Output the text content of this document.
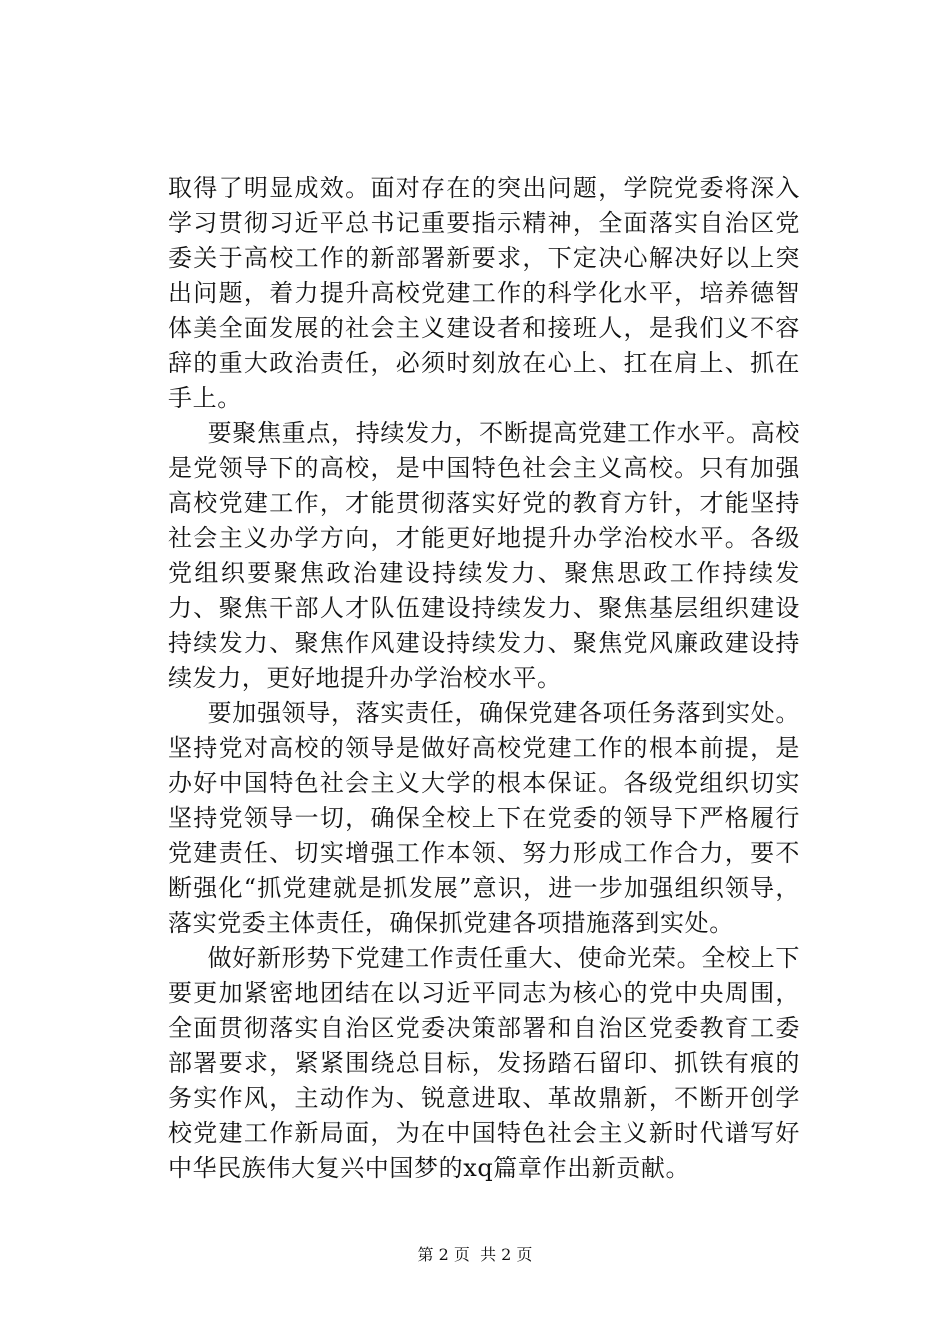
取得了明显成效。面对存在的突出问题，学院党委将深入学习贯彻习近平总书记重要指示精神，全面落实自治区党委关于高校工作的新部署新要求，下定决心解决好以上突出问题，着力提升高校党建工作的科学化水平，培养德智体美全面发展的社会主义建设者和接班人，是我们义不容辞的重大政治责任，必须时刻放在心上、扛在肩上、抓在手上。

要聚焦重点，持续发力，不断提高党建工作水平。高校是党领导下的高校，是中国特色社会主义高校。只有加强高校党建工作，才能贯彻落实好党的教育方针，才能坚持社会主义办学方向，才能更好地提升办学治校水平。各级党组织要聚焦政治建设持续发力、聚焦思政工作持续发力、聚焦干部人才队伍建设持续发力、聚焦基层组织建设持续发力、聚焦作风建设持续发力、聚焦党风廉政建设持续发力，更好地提升办学治校水平。

要加强领导，落实责任，确保党建各项任务落到实处。坚持党对高校的领导是做好高校党建工作的根本前提，是办好中国特色社会主义大学的根本保证。各级党组织切实坚持党领导一切，确保全校上下在党委的领导下严格履行党建责任、切实增强工作本领、努力形成工作合力，要不断强化“抓党建就是抓发展”意识，进一步加强组织领导，落实党委主体责任，确保抓党建各项措施落到实处。

做好新形势下党建工作责任重大、使命光荣。全校上下要更加紧密地团结在以习近平同志为核心的党中央周围，全面贯彻落实自治区党委决策部署和自治区党委教育工委部署要求，紧紧围绕总目标，发扬踏石留印、抓铁有痕的务实作风，主动作为、锐意进取、革故鼎新，不断开创学校党建工作新局面，为在中国特色社会主义新时代谱写好中华民族伟大复兴中国梦的xq篇章作出新贡献。

第 2 页  共 2 页
